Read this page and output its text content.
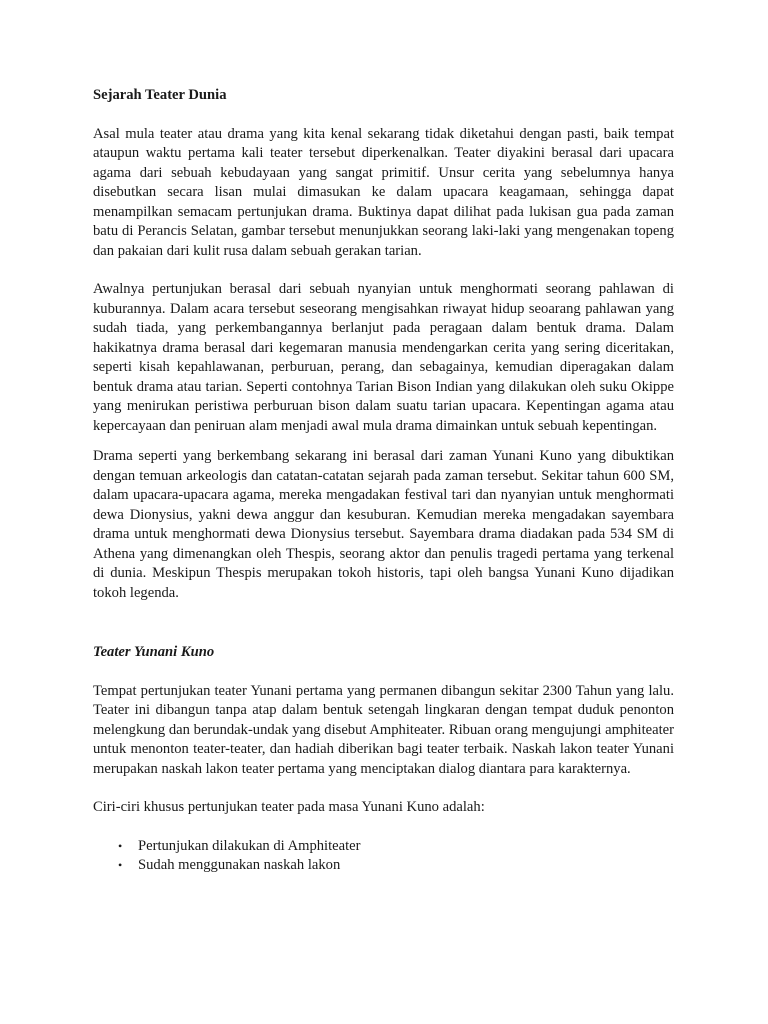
Sejarah Teater Dunia

Asal mula teater atau drama yang kita kenal sekarang tidak diketahui dengan pasti, baik tempat ataupun waktu pertama kali teater tersebut diperkenalkan. Teater diyakini berasal dari upacara agama dari sebuah kebudayaan yang sangat primitif. Unsur cerita yang sebelumnya hanya disebutkan secara lisan mulai dimasukan ke dalam upacara keagamaan, sehingga dapat menampilkan semacam pertunjukan drama. Buktinya dapat dilihat pada lukisan gua pada zaman batu di Perancis Selatan, gambar tersebut menunjukkan seorang laki-laki yang mengenakan topeng dan pakaian dari kulit rusa dalam sebuah gerakan tarian.

Awalnya pertunjukan berasal dari sebuah nyanyian untuk menghormati seorang pahlawan di kuburannya. Dalam acara tersebut seseorang mengisahkan riwayat hidup seoarang pahlawan yang sudah tiada, yang perkembangannya berlanjut pada peragaan dalam bentuk drama. Dalam hakikatnya drama berasal dari kegemaran manusia mendengarkan cerita yang sering diceritakan, seperti kisah kepahlawanan, perburuan, perang, dan sebagainya, kemudian diperagakan dalam bentuk drama atau tarian. Seperti contohnya Tarian Bison Indian yang dilakukan oleh suku Okippe yang menirukan peristiwa perburuan bison dalam suatu tarian upacara. Kepentingan agama atau kepercayaan dan peniruan alam menjadi awal mula drama dimainkan untuk sebuah kepentingan.

Drama seperti yang berkembang sekarang ini berasal dari zaman Yunani Kuno yang dibuktikan dengan temuan arkeologis dan catatan-catatan sejarah pada zaman tersebut. Sekitar tahun 600 SM, dalam upacara-upacara agama, mereka mengadakan festival tari dan nyanyian untuk menghormati dewa Dionysius, yakni dewa anggur dan kesuburan. Kemudian mereka mengadakan sayembara drama untuk menghormati dewa Dionysius tersebut. Sayembara drama diadakan pada 534 SM di Athena yang dimenangkan oleh Thespis, seorang aktor dan penulis tragedi pertama yang terkenal di dunia. Meskipun Thespis merupakan tokoh historis, tapi oleh bangsa Yunani Kuno dijadikan tokoh legenda.

Teater Yunani Kuno

Tempat pertunjukan teater Yunani pertama yang permanen dibangun sekitar 2300 Tahun yang lalu. Teater ini dibangun tanpa atap dalam bentuk setengah lingkaran dengan tempat duduk penonton melengkung dan berundak-undak yang disebut Amphiteater. Ribuan orang mengujungi amphiteater untuk menonton teater-teater, dan hadiah diberikan bagi teater terbaik. Naskah lakon teater Yunani merupakan naskah lakon teater pertama yang menciptakan dialog diantara para karakternya.

Ciri-ciri khusus pertunjukan teater pada masa Yunani Kuno adalah:

• Pertunjukan dilakukan di Amphiteater
• Sudah menggunakan naskah lakon
